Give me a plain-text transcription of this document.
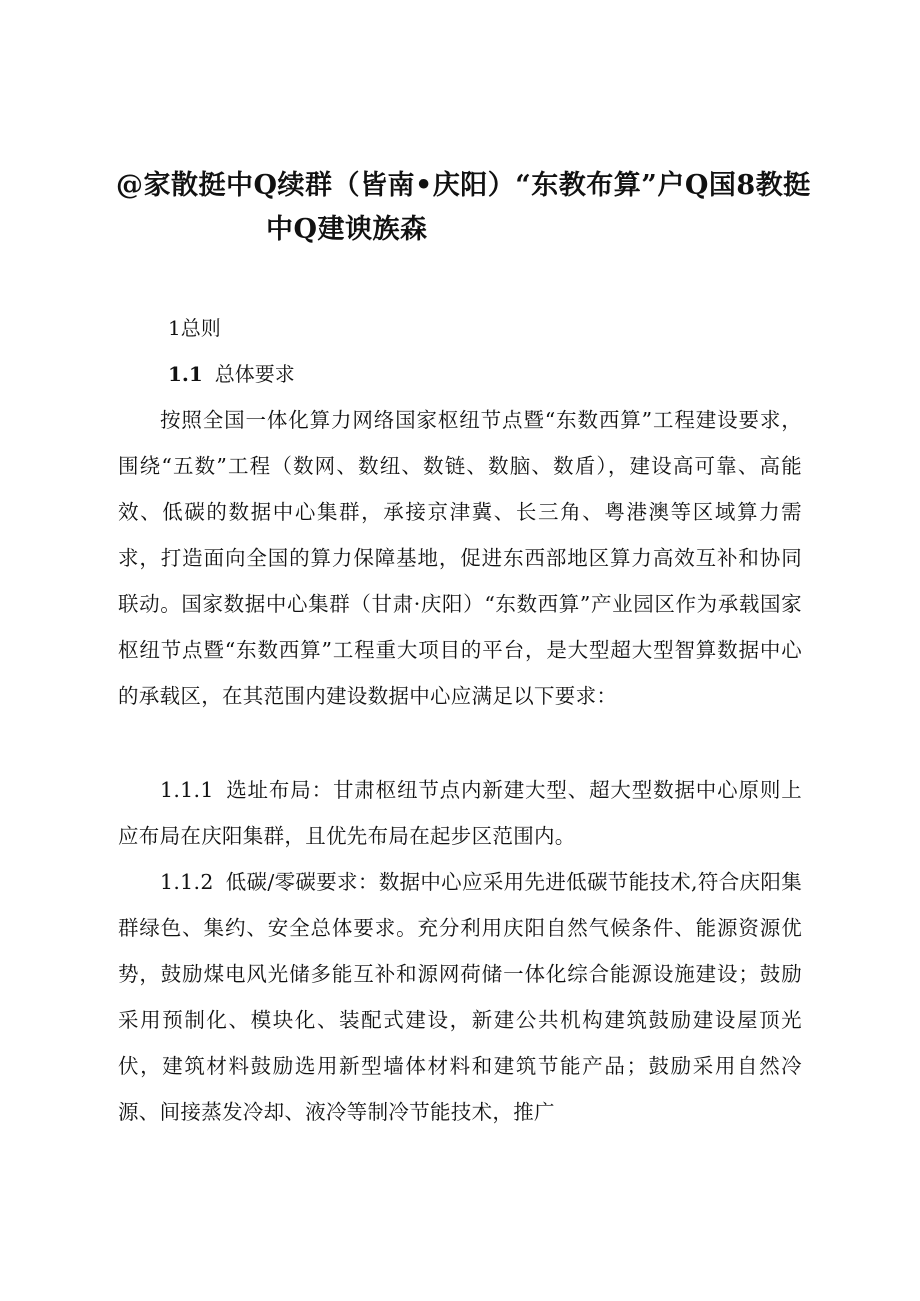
@家散挺中Q续群（皆南•庆阳）“东教布算”户Q国8教挺
中Q建谀族森
1总则
1.1 总体要求
按照全国一体化算力网络国家枢纽节点暨“东数西算”工程建设要求，围绕“五数”工程（数网、数纽、数链、数脑、数盾），建设高可靠、高能效、低碳的数据中心集群，承接京津冀、长三角、粤港澳等区域算力需求，打造面向全国的算力保障基地，促进东西部地区算力高效互补和协同联动。国家数据中心集群（甘肃·庆阳）“东数西算”产业园区作为承载国家枢纽节点暨“东数西算”工程重大项目的平台，是大型超大型智算数据中心的承载区，在其范围内建设数据中心应满足以下要求：
1.1.1 选址布局：甘肃枢纽节点内新建大型、超大型数据中心原则上应布局在庆阳集群，且优先布局在起步区范围内。
1.1.2 低碳/零碳要求：数据中心应采用先进低碳节能技术,符合庆阳集群绿色、集约、安全总体要求。充分利用庆阳自然气候条件、能源资源优势，鼓励煤电风光储多能互补和源网荷储一体化综合能源设施建设；鼓励采用预制化、模块化、装配式建设，新建公共机构建筑鼓励建设屋顶光伏，建筑材料鼓励选用新型墙体材料和建筑节能产品；鼓励采用自然冷源、间接蒸发冷却、液冷等制冷节能技术，推广
